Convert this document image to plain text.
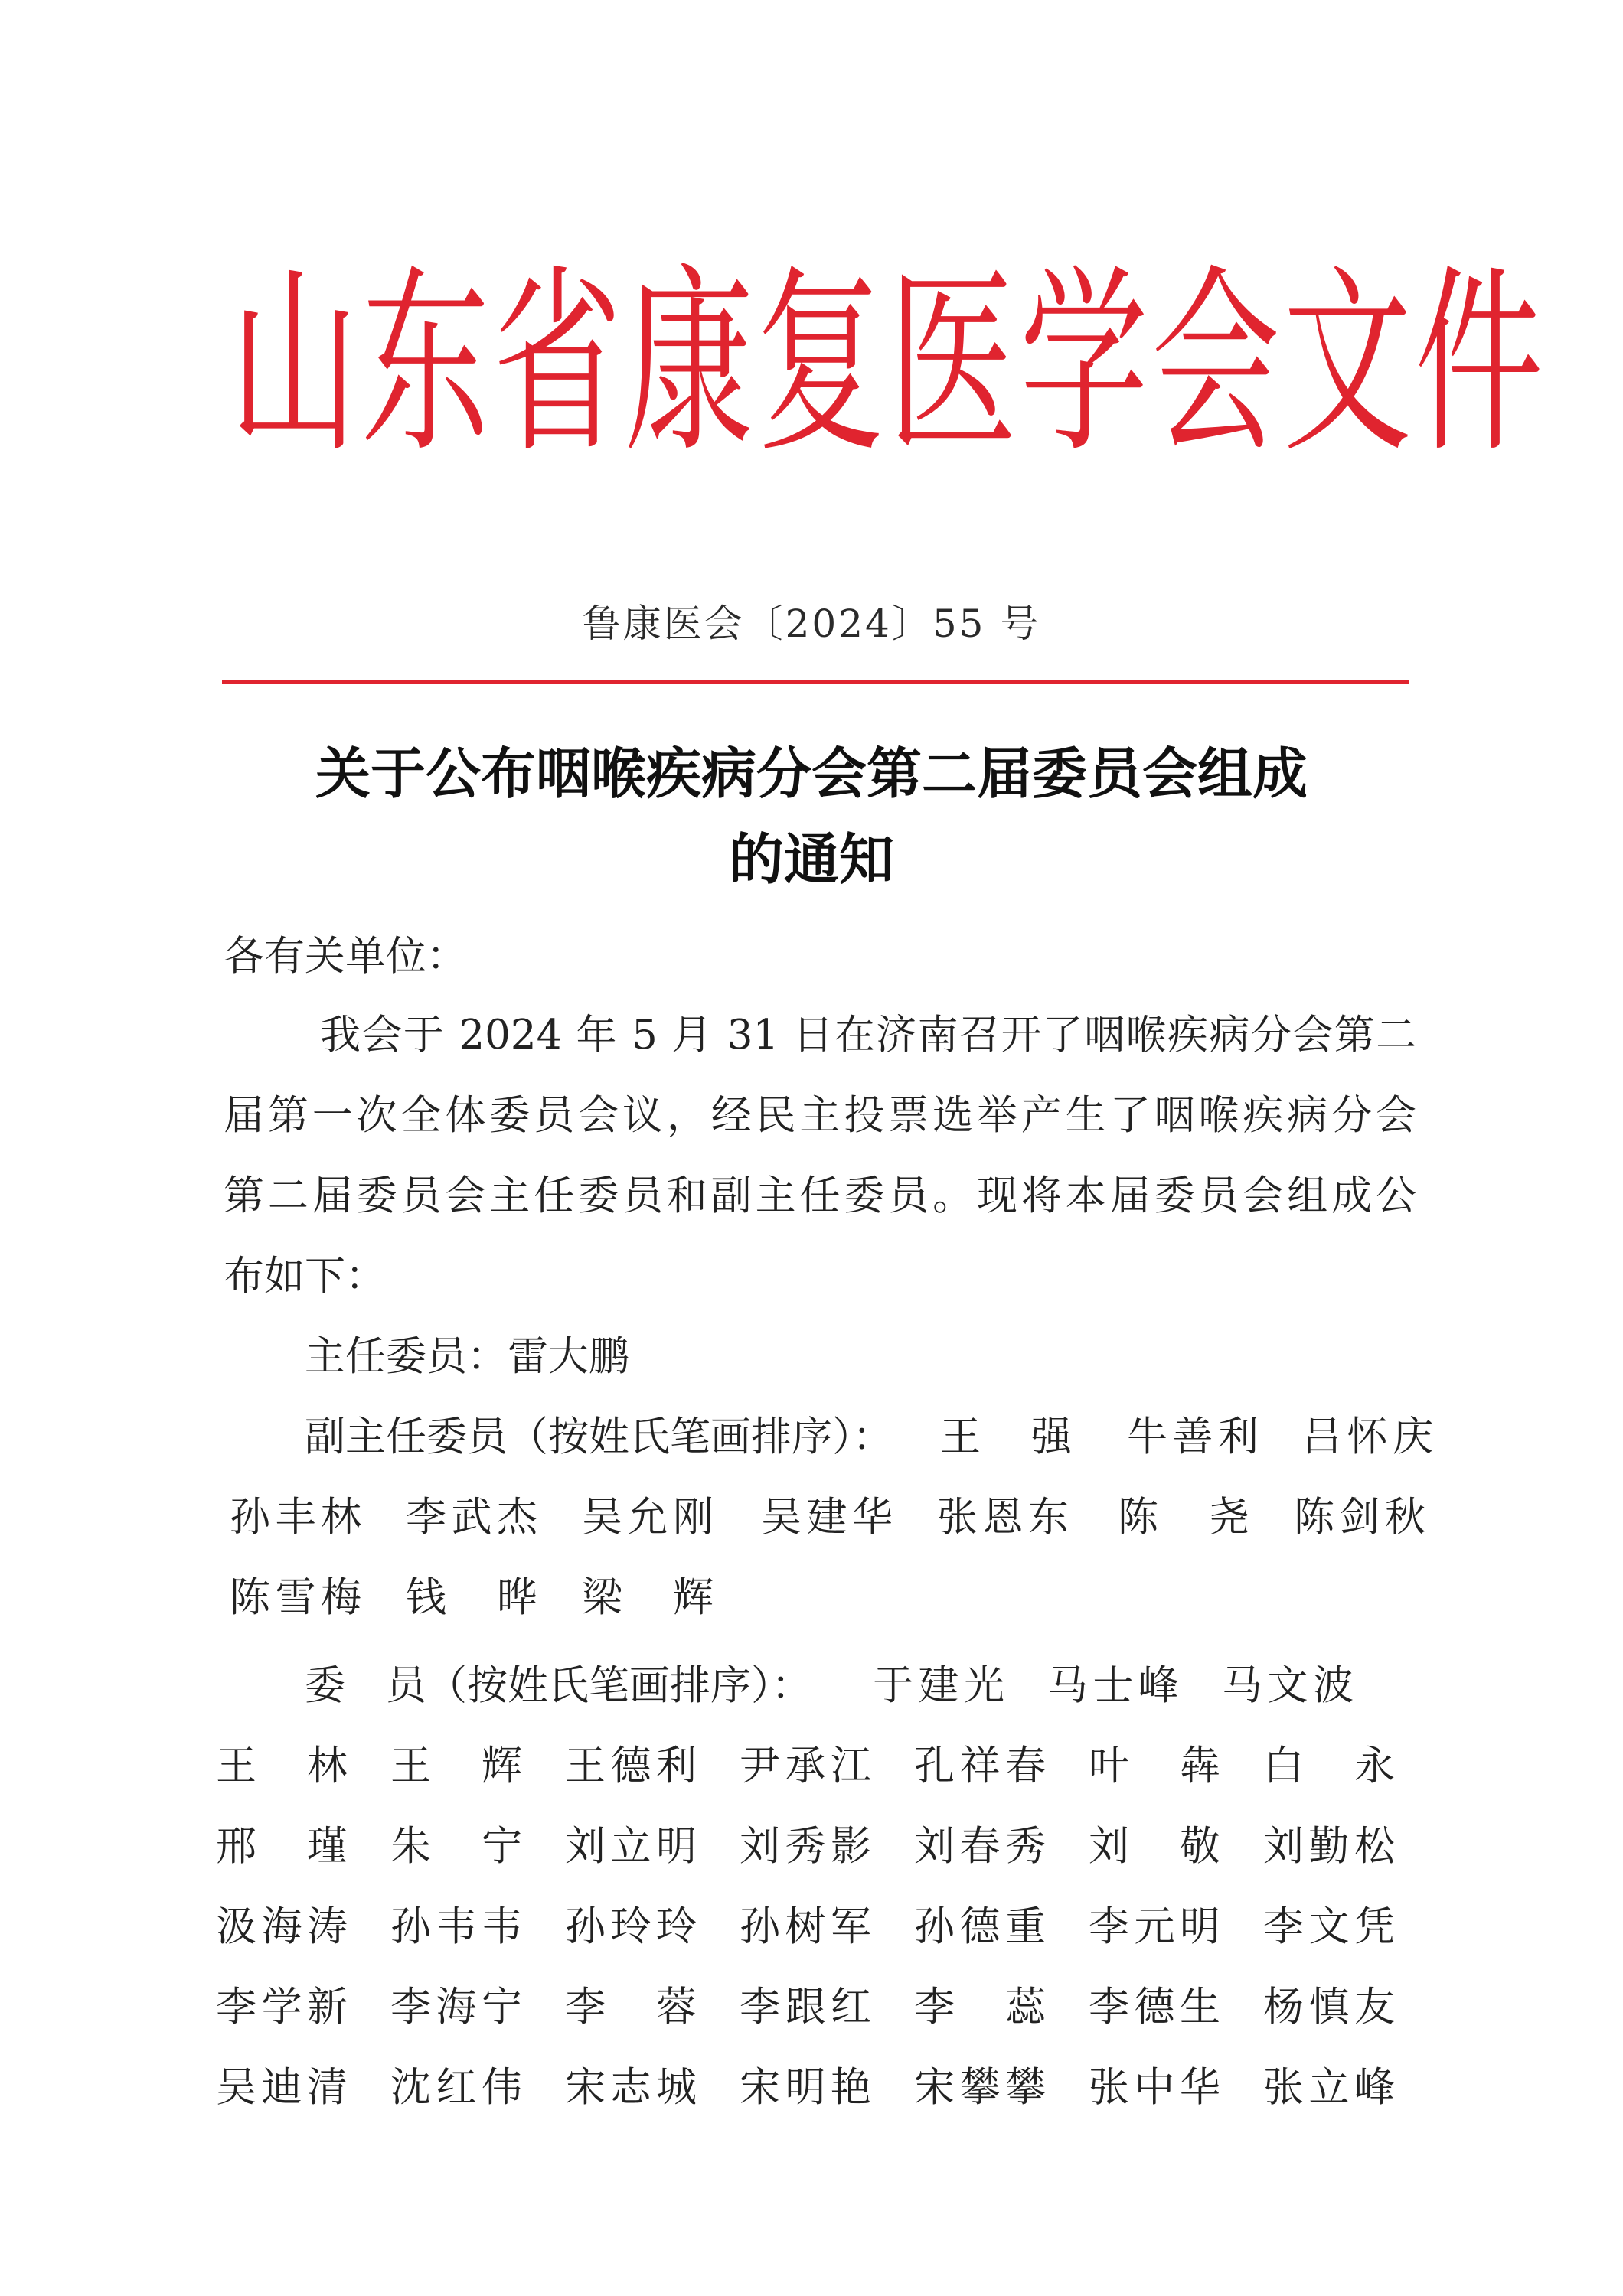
山东省康复医学会文件
鲁康医会〔2024〕55 号
关于公布咽喉疾病分会第二届委员会组成
的通知
各有关单位：
我会于 2024 年 5 月 31 日在济南召开了咽喉疾病分会第二
届第一次全体委员会议，经民主投票选举产生了咽喉疾病分会
第二届委员会主任委员和副主任委员。现将本届委员会组成公
布如下：
主任委员：雷大鹏
副主任委员（按姓氏笔画排序）：
委　员（按姓氏笔画排序）：
王　强 牛善利 吕怀庆
孙丰林 李武杰 吴允刚 吴建华 张恩东 陈　尧 陈剑秋
陈雪梅 钱　晔 梁　辉
于建光 马士峰 马文波
王　林 王　辉 王德利 尹承江 孔祥春 叶　犇 白　永
邢　瑾 朱　宁 刘立明 刘秀影 刘春秀 刘　敬 刘勤松
汲海涛 孙韦韦 孙玲玲 孙树军 孙德重 李元明 李文凭
李学新 李海宁 李　蓉 李跟红 李　蕊 李德生 杨慎友
吴迪清 沈红伟 宋志城 宋明艳 宋攀攀 张中华 张立峰
